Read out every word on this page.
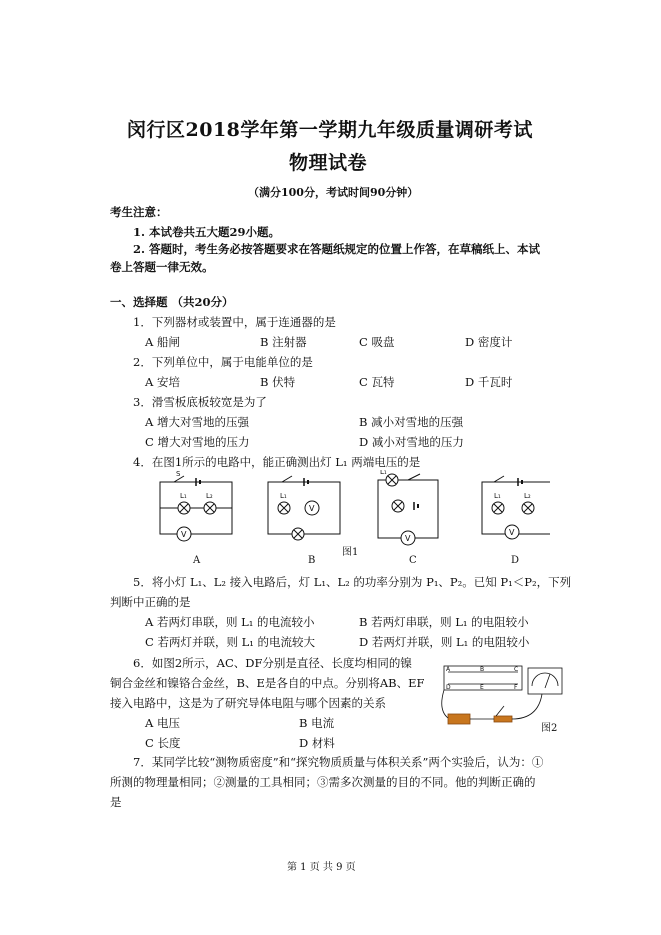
闵行区2018学年第一学期九年级质量调研考试
物理试卷
（满分100分，考试时间90分钟）
考生注意：
1. 本试卷共五大题29小题。
2. 答题时，考生务必按答题要求在答题纸规定的位置上作答，在草稿纸上、本试
卷上答题一律无效。
一、选择题 （共20分）
1．下列器材或装置中，属于连通器的是
A 船闸	B 注射器	C 吸盘	D 密度计
2．下列单位中，属于电能单位的是
A 安培	B 伏特	C 瓦特	D 千瓦时
3．滑雪板底板较宽是为了
A 增大对雪地的压强	B 减小对雪地的压强
C 增大对雪地的压力	D 减小对雪地的压力
4．在图1所示的电路中，能正确测出灯 L₁ 两端电压的是
S
L₁	L₂
V
V
L₁
L₁
V
L₁	L₂
V
A	B
图1
C	D
5．将小灯 L₁、L₂ 接入电路后，灯 L₁、L₂ 的功率分别为 P₁、P₂。已知 P₁＜P₂，下列
判断中正确的是
A 若两灯串联，则 L₁ 的电流较小	B 若两灯串联，则 L₁ 的电阻较小
C 若两灯并联，则 L₁ 的电流较大	D 若两灯并联，则 L₁ 的电阻较小
6．如图2所示，AC、DF分别是直径、长度均相同的镍
铜合金丝和镍铬合金丝，B、E是各自的中点。分别将AB、EF
接入电路中，这是为了研究导体电阻与哪个因素的关系
A 电压	B 电流
C 长度	D 材料
A	B	C
D	E	F
图2
7．某同学比较“测物质密度”和“探究物质质量与体积关系”两个实验后，认为：①
所测的物理量相同；②测量的工具相同；③需多次测量的目的不同。他的判断正确的
是
第 1 页 共 9 页
